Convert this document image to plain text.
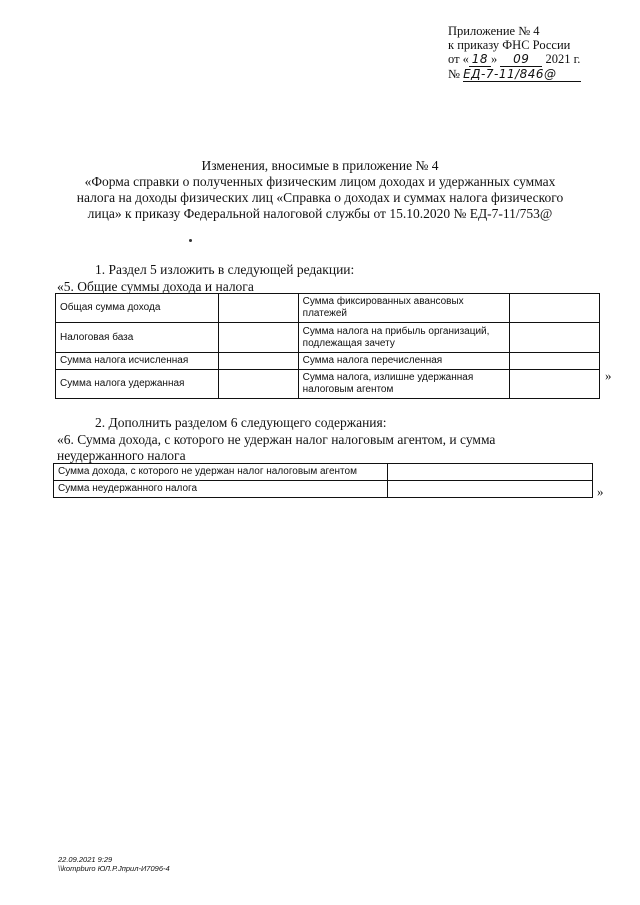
Приложение № 4
к приказу ФНС России
от « 18 » 09 2021 г.
№ ЕД-7-11/846@
Изменения, вносимые в приложение № 4
«Форма справки о полученных физическим лицом доходах и удержанных суммах
налога на доходы физических лиц «Справка о доходах и суммах налога физического
лица» к приказу Федеральной налоговой службы от 15.10.2020 № ЕД-7-11/753@
1. Раздел 5 изложить в следующей редакции:
«5. Общие суммы дохода и налога
Общая сумма дохода		Сумма фиксированных авансовых платежей	
Налоговая база		Сумма налога на прибыль организаций, подлежащая зачету	
Сумма налога исчисленная		Сумма налога перечисленная	
Сумма налога удержанная		Сумма налога, излишне удержанная налоговым агентом	
»
2. Дополнить разделом 6 следующего содержания:
«6. Сумма дохода, с которого не удержан налог налоговым агентом, и сумма неудержанного налога
Сумма дохода, с которого не удержан налог налоговым агентом	
Сумма неудержанного налога		»
22.09.2021 9:29
\\kompburo ЮЛ.Р.Jприл-И7096-4
